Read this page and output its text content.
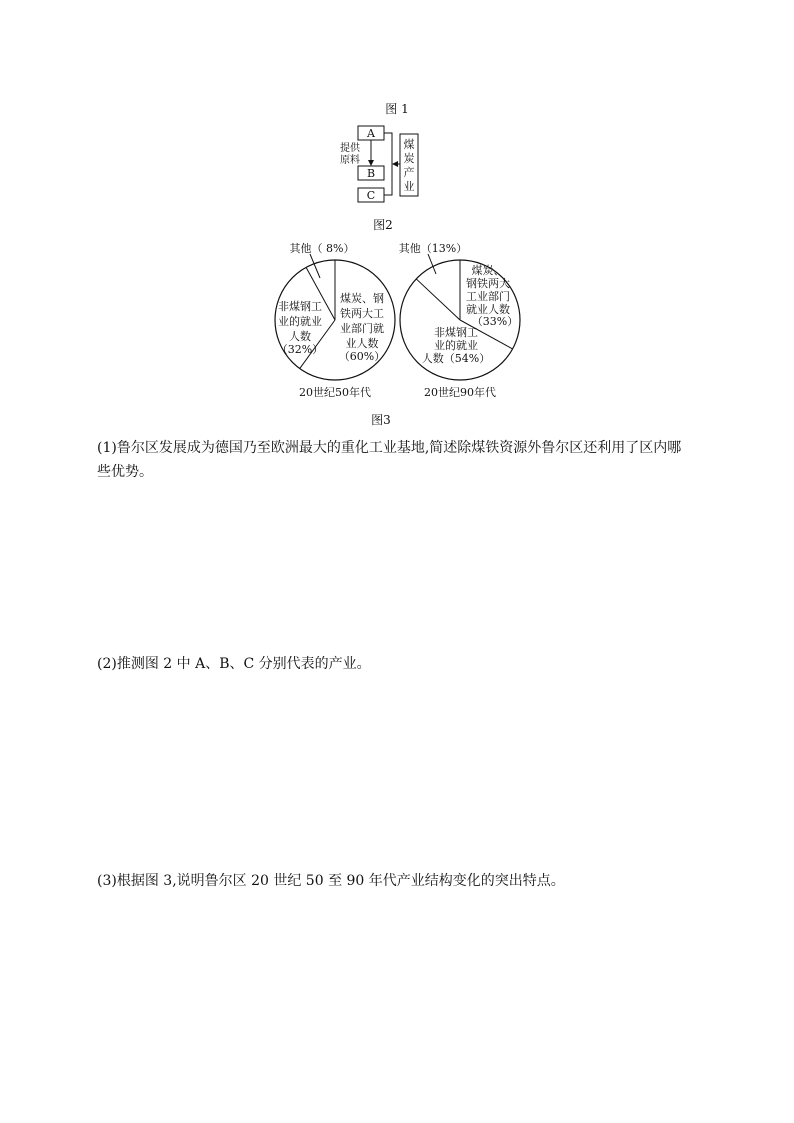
图 1
A
B
C
提供
原料
煤
炭
产
业
图2
其他（ 8%）
煤炭、钢
铁两大工
业部门就
业人数
（60%）
非煤钢工
业的就业
人数
（32%）
20世纪50年代
其他（13%）
煤炭、
钢铁两大
工业部门
就业人数
（33%）
非煤钢工
业的就业
人数（54%）
20世纪90年代
图3
(1)鲁尔区发展成为德国乃至欧洲最大的重化工业基地,简述除煤铁资源外鲁尔区还利用了区内哪些优势。
(2)推测图 2 中 A、B、C 分别代表的产业。
(3)根据图 3,说明鲁尔区 20 世纪 50 至 90 年代产业结构变化的突出特点。
